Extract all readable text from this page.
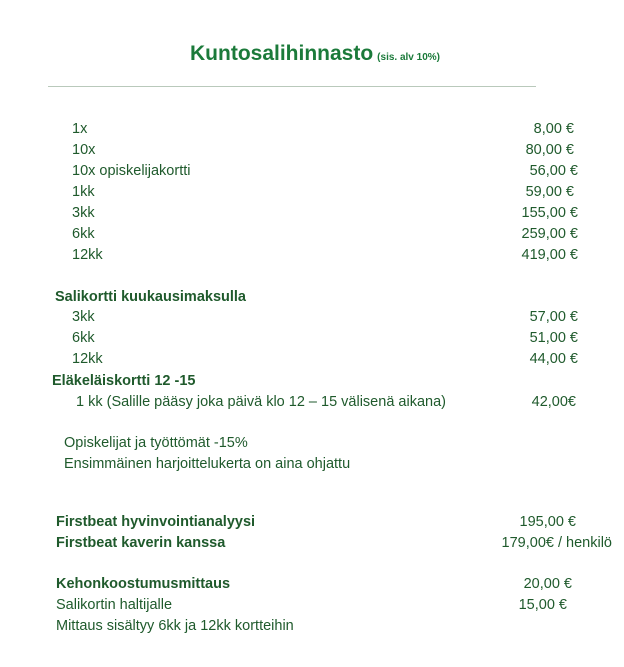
Kuntosalihinnasto (sis. alv 10%)
1x	8,00 €
10x	80,00 €
10x opiskelijakortti	56,00 €
1kk	59,00 €
3kk	155,00 €
6kk	259,00 €
12kk	419,00 €
Salikortti kuukausimaksulla
3kk	57,00 €
6kk	51,00 €
12kk	44,00 €
Eläkeläiskortti 12 -15
1 kk (Salille pääsy joka päivä klo 12 – 15 välisenä aikana)	42,00€
Opiskelijat ja työttömät -15%
Ensimmäinen harjoittelukerta on aina ohjattu
Firstbeat hyvinvointianalyysi	195,00 €
Firstbeat kaverin kanssa	179,00€ / henkilö
Kehonkoostumusmittaus	20,00 €
Salikortin haltijalle	15,00 €
Mittaus sisältyy 6kk ja 12kk kortteihin
